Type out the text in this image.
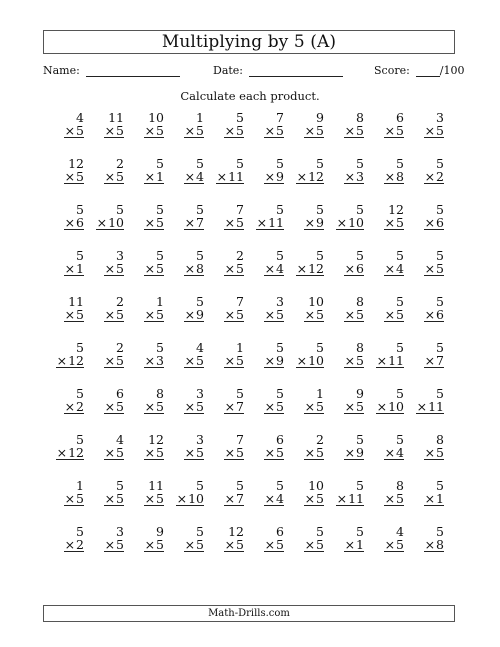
Multiplying by 5 (A)
Name:	Date:	Score:	/100
Calculate each product.
4
× 5
11
× 5
10
× 5
1
× 5
5
× 5
7
× 5
9
× 5
8
× 5
6
× 5
3
× 5
12
× 5
2
× 5
5
× 1
5
× 4
5
× 11
5
× 9
5
× 12
5
× 3
5
× 8
5
× 2
5
× 6
5
× 10
5
× 5
5
× 7
7
× 5
5
× 11
5
× 9
5
× 10
12
× 5
5
× 6
5
× 1
3
× 5
5
× 5
5
× 8
2
× 5
5
× 4
5
× 12
5
× 6
5
× 4
5
× 5
11
× 5
2
× 5
1
× 5
5
× 9
7
× 5
3
× 5
10
× 5
8
× 5
5
× 5
5
× 6
5
× 12
2
× 5
5
× 3
4
× 5
1
× 5
5
× 9
5
× 10
8
× 5
5
× 11
5
× 7
5
× 2
6
× 5
8
× 5
3
× 5
5
× 7
5
× 5
1
× 5
9
× 5
5
× 10
5
× 11
5
× 12
4
× 5
12
× 5
3
× 5
7
× 5
6
× 5
2
× 5
5
× 9
5
× 4
8
× 5
1
× 5
5
× 5
11
× 5
5
× 10
5
× 7
5
× 4
10
× 5
5
× 11
8
× 5
5
× 1
5
× 2
3
× 5
9
× 5
5
× 5
12
× 5
6
× 5
5
× 5
5
× 1
4
× 5
5
× 8
Math-Drills.com
